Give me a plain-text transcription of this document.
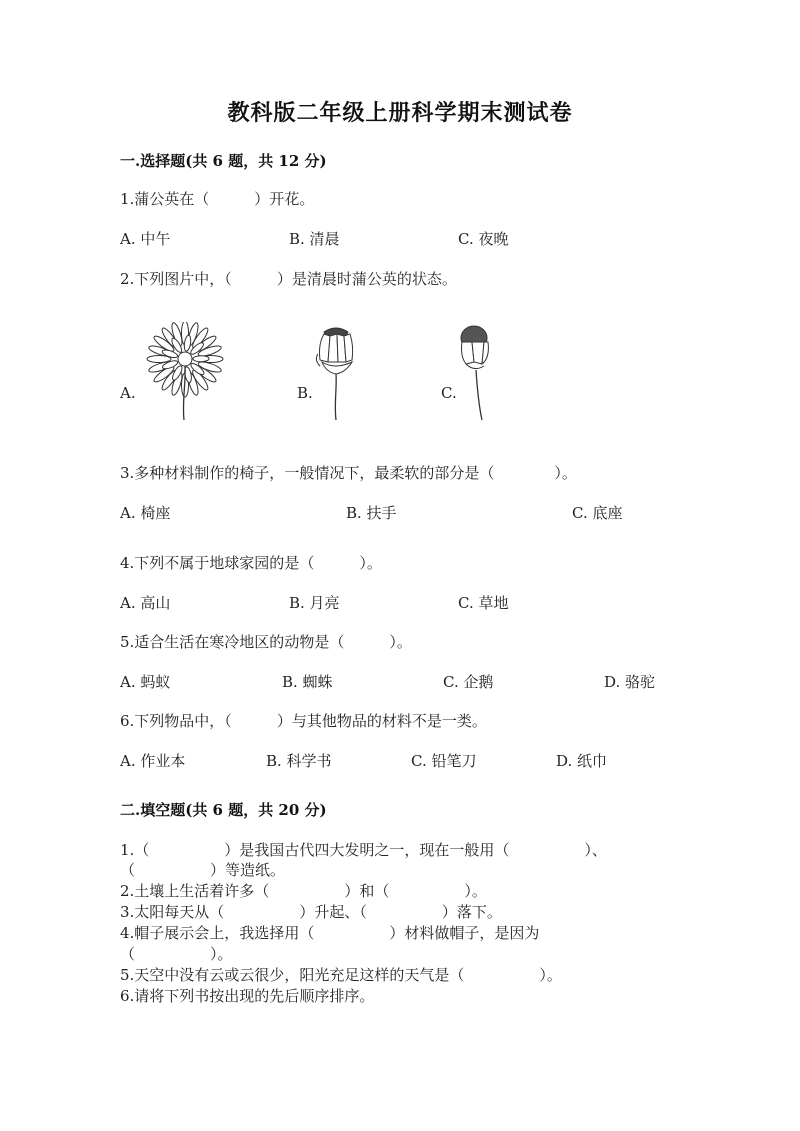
教科版二年级上册科学期末测试卷
一.选择题(共 6 题，共 12 分)
1.蒲公英在（　　　）开花。
A. 中午	B. 清晨	C. 夜晚
2.下列图片中，（　　　）是清晨时蒲公英的状态。
A.	B.	C.
3.多种材料制作的椅子，一般情况下，最柔软的部分是（　　　　）。
A. 椅座	B. 扶手	C. 底座
4.下列不属于地球家园的是（　　　）。
A. 高山	B. 月亮	C. 草地
5.适合生活在寒冷地区的动物是（　　　）。
A. 蚂蚁	B. 蜘蛛	C. 企鹅	D. 骆驼
6.下列物品中，（　　　）与其他物品的材料不是一类。
A. 作业本	B. 科学书	C. 铅笔刀	D. 纸巾
二.填空题(共 6 题，共 20 分)
1.（　　　　　）是我国古代四大发明之一，现在一般用（　　　　　）、
（　　　　　）等造纸。
2.土壤上生活着许多（　　　　　）和（　　　　　）。
3.太阳每天从（　　　　　）升起、（　　　　　）落下。
4.帽子展示会上，我选择用（　　　　　）材料做帽子，是因为
（　　　　　）。
5.天空中没有云或云很少，阳光充足这样的天气是（　　　　　）。
6.请将下列书按出现的先后顺序排序。
